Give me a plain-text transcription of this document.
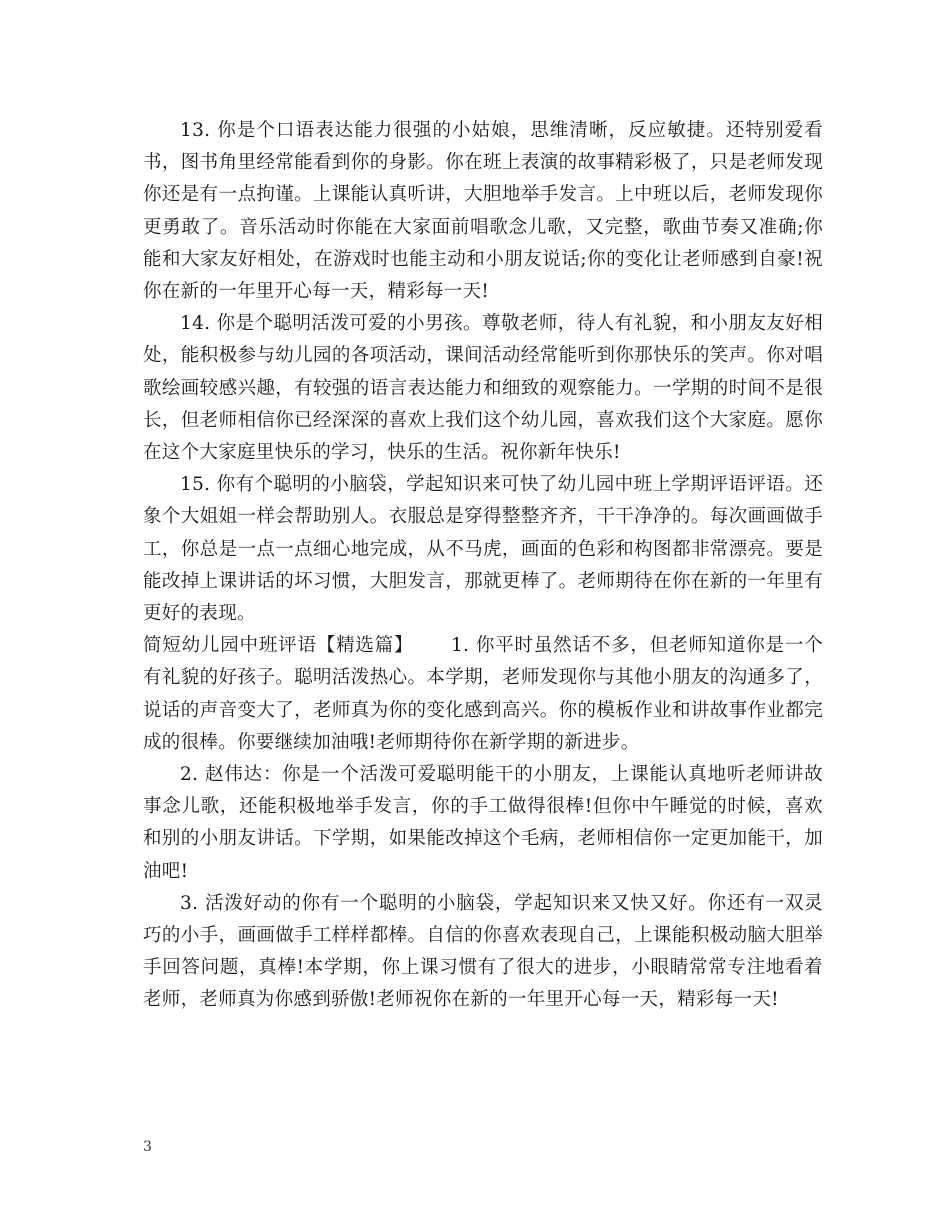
13. 你是个口语表达能力很强的小姑娘，思维清晰，反应敏捷。还特别爱看书，图书角里经常能看到你的身影。你在班上表演的故事精彩极了，只是老师发现你还是有一点拘谨。上课能认真听讲，大胆地举手发言。上中班以后，老师发现你更勇敢了。音乐活动时你能在大家面前唱歌念儿歌，又完整，歌曲节奏又准确;你能和大家友好相处，在游戏时也能主动和小朋友说话;你的变化让老师感到自豪!祝你在新的一年里开心每一天，精彩每一天!

14. 你是个聪明活泼可爱的小男孩。尊敬老师，待人有礼貌，和小朋友友好相处，能积极参与幼儿园的各项活动，课间活动经常能听到你那快乐的笑声。你对唱歌绘画较感兴趣，有较强的语言表达能力和细致的观察能力。一学期的时间不是很长，但老师相信你已经深深的喜欢上我们这个幼儿园，喜欢我们这个大家庭。愿你在这个大家庭里快乐的学习，快乐的生活。祝你新年快乐!

15. 你有个聪明的小脑袋，学起知识来可快了幼儿园中班上学期评语评语。还象个大姐姐一样会帮助别人。衣服总是穿得整整齐齐，干干净净的。每次画画做手工，你总是一点一点细心地完成，从不马虎，画面的色彩和构图都非常漂亮。要是能改掉上课讲话的坏习惯，大胆发言，那就更棒了。老师期待在你在新的一年里有更好的表现。

简短幼儿园中班评语【精选篇】   1. 你平时虽然话不多，但老师知道你是一个有礼貌的好孩子。聪明活泼热心。本学期，老师发现你与其他小朋友的沟通多了，说话的声音变大了，老师真为你的变化感到高兴。你的模板作业和讲故事作业都完成的很棒。你要继续加油哦!老师期待你在新学期的新进步。

2. 赵伟达：你是一个活泼可爱聪明能干的小朋友，上课能认真地听老师讲故事念儿歌，还能积极地举手发言，你的手工做得很棒!但你中午睡觉的时候，喜欢和别的小朋友讲话。下学期，如果能改掉这个毛病，老师相信你一定更加能干，加油吧!

3. 活泼好动的你有一个聪明的小脑袋，学起知识来又快又好。你还有一双灵巧的小手，画画做手工样样都棒。自信的你喜欢表现自己，上课能积极动脑大胆举手回答问题，真棒!本学期，你上课习惯有了很大的进步，小眼睛常常专注地看着老师，老师真为你感到骄傲!老师祝你在新的一年里开心每一天，精彩每一天!

3
